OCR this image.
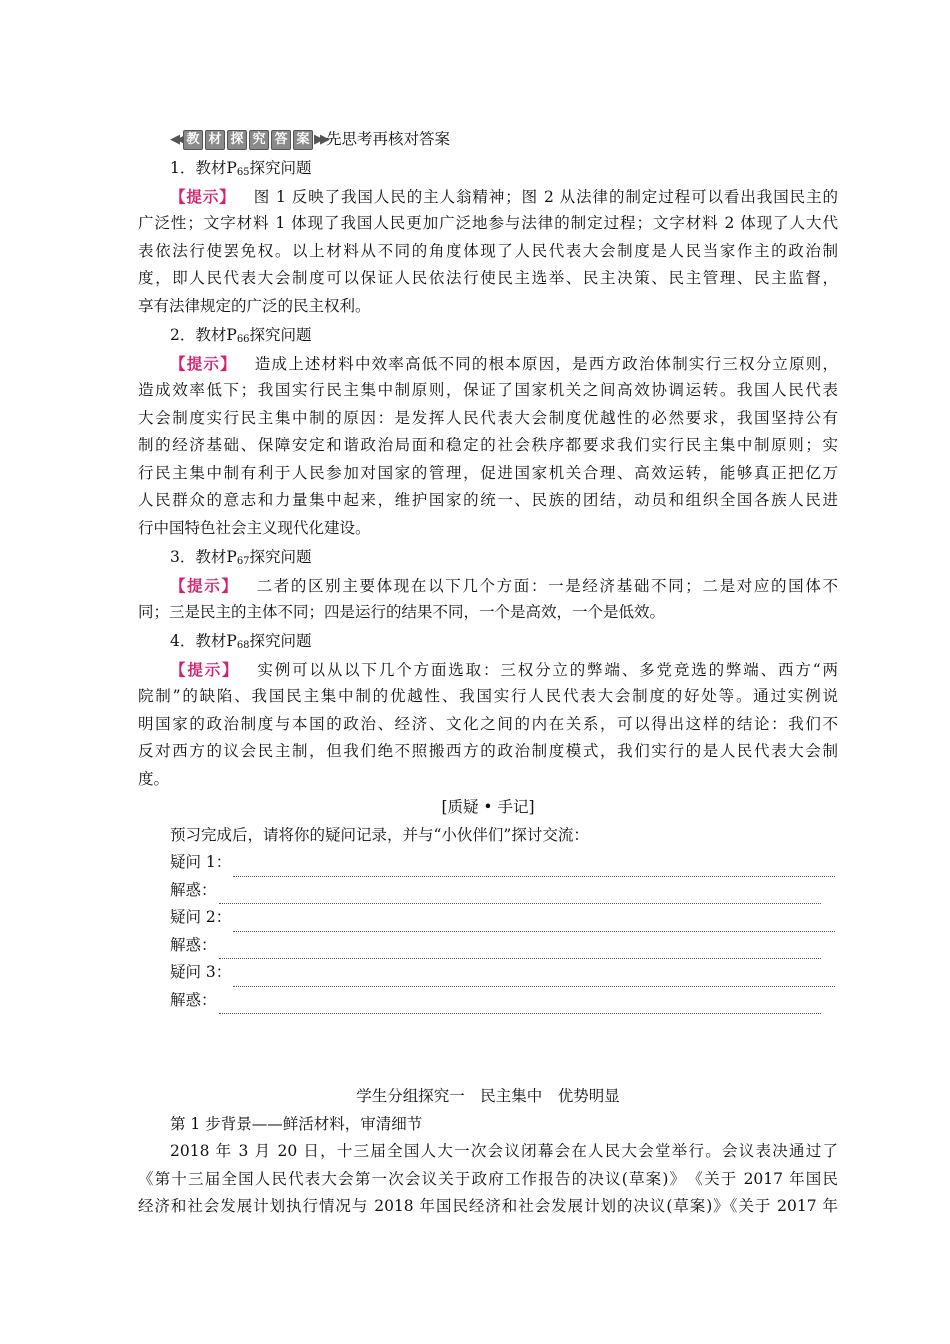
◀◀ 教 材 探 究 答 案 ▶▶ 先思考再核对答案
1．教材$P_{65}$探究问题
【提示】 图 1 反映了我国人民的主人翁精神；图 2 从法律的制定过程可以看出我国民主的
广泛性；文字材料 1 体现了我国人民更加广泛地参与法律的制定过程；文字材料 2 体现了人大代
表依法行使罢免权。以上材料从不同的角度体现了人民代表大会制度是人民当家作主的政治制
度，即人民代表大会制度可以保证人民依法行使民主选举、民主决策、民主管理、民主监督，
享有法律规定的广泛的民主权利。
2．教材$P_{66}$探究问题
【提示】 造成上述材料中效率高低不同的根本原因，是西方政治体制实行三权分立原则，
造成效率低下；我国实行民主集中制原则，保证了国家机关之间高效协调运转。我国人民代表
大会制度实行民主集中制的原因：是发挥人民代表大会制度优越性的必然要求，我国坚持公有
制的经济基础、保障安定和谐政治局面和稳定的社会秩序都要求我们实行民主集中制原则；实
行民主集中制有利于人民参加对国家的管理，促进国家机关合理、高效运转，能够真正把亿万
人民群众的意志和力量集中起来，维护国家的统一、民族的团结，动员和组织全国各族人民进
行中国特色社会主义现代化建设。
3．教材$P_{67}$探究问题
【提示】 二者的区别主要体现在以下几个方面：一是经济基础不同；二是对应的国体不
同；三是民主的主体不同；四是运行的结果不同，一个是高效，一个是低效。
4．教材$P_{68}$探究问题
【提示】 实例可以从以下几个方面选取：三权分立的弊端、多党竞选的弊端、西方“两
院制”的缺陷、我国民主集中制的优越性、我国实行人民代表大会制度的好处等。通过实例说
明国家的政治制度与本国的政治、经济、文化之间的内在关系，可以得出这样的结论：我们不
反对西方的议会民主制，但我们绝不照搬西方的政治制度模式，我们实行的是人民代表大会制
度。
[质疑 • 手记]
预习完成后，请将你的疑问记录，并与“小伙伴们”探讨交流：
疑问 1：
解惑：
疑问 2：
解惑：
疑问 3：
解惑：
学生分组探究一　民主集中　优势明显
第 1 步背景——鲜活材料，审清细节
2018 年 3 月 20 日，十三届全国人大一次会议闭幕会在人民大会堂举行。会议表决通过了
《第十三届全国人民代表大会第一次会议关于政府工作报告的决议(草案)》　《关于 2017 年国民
经济和社会发展计划执行情况与 2018 年国民经济和社会发展计划的决议(草案)》《关于 2017 年
